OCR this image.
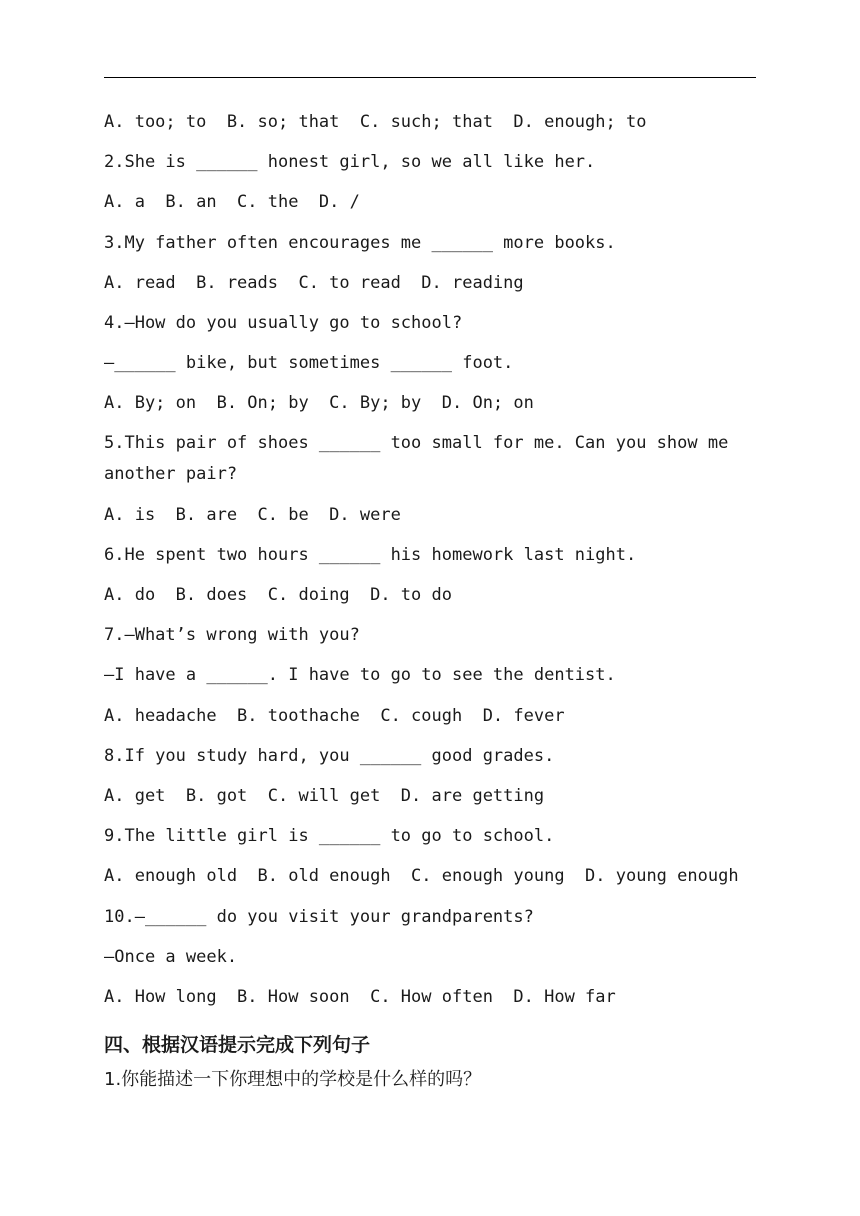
A. too; to  B. so; that  C. such; that  D. enough; to
2.She is ______ honest girl, so we all like her.
A. a  B. an  C. the  D. /
3.My father often encourages me ______ more books.
A. read  B. reads  C. to read  D. reading
4.—How do you usually go to school?
—______ bike, but sometimes ______ foot.
A. By; on  B. On; by  C. By; by  D. On; on
5.This pair of shoes ______ too small for me. Can you show me another pair?
A. is  B. are  C. be  D. were
6.He spent two hours ______ his homework last night.
A. do  B. does  C. doing  D. to do
7.—What’s wrong with you?
—I have a ______. I have to go to see the dentist.
A. headache  B. toothache  C. cough  D. fever
8.If you study hard, you ______ good grades.
A. get  B. got  C. will get  D. are getting
9.The little girl is ______ to go to school.
A. enough old  B. old enough  C. enough young  D. young enough
10.—______ do you visit your grandparents?
—Once a week.
A. How long  B. How soon  C. How often  D. How far
四、根据汉语提示完成下列句子
1.你能描述一下你理想中的学校是什么样的吗？
